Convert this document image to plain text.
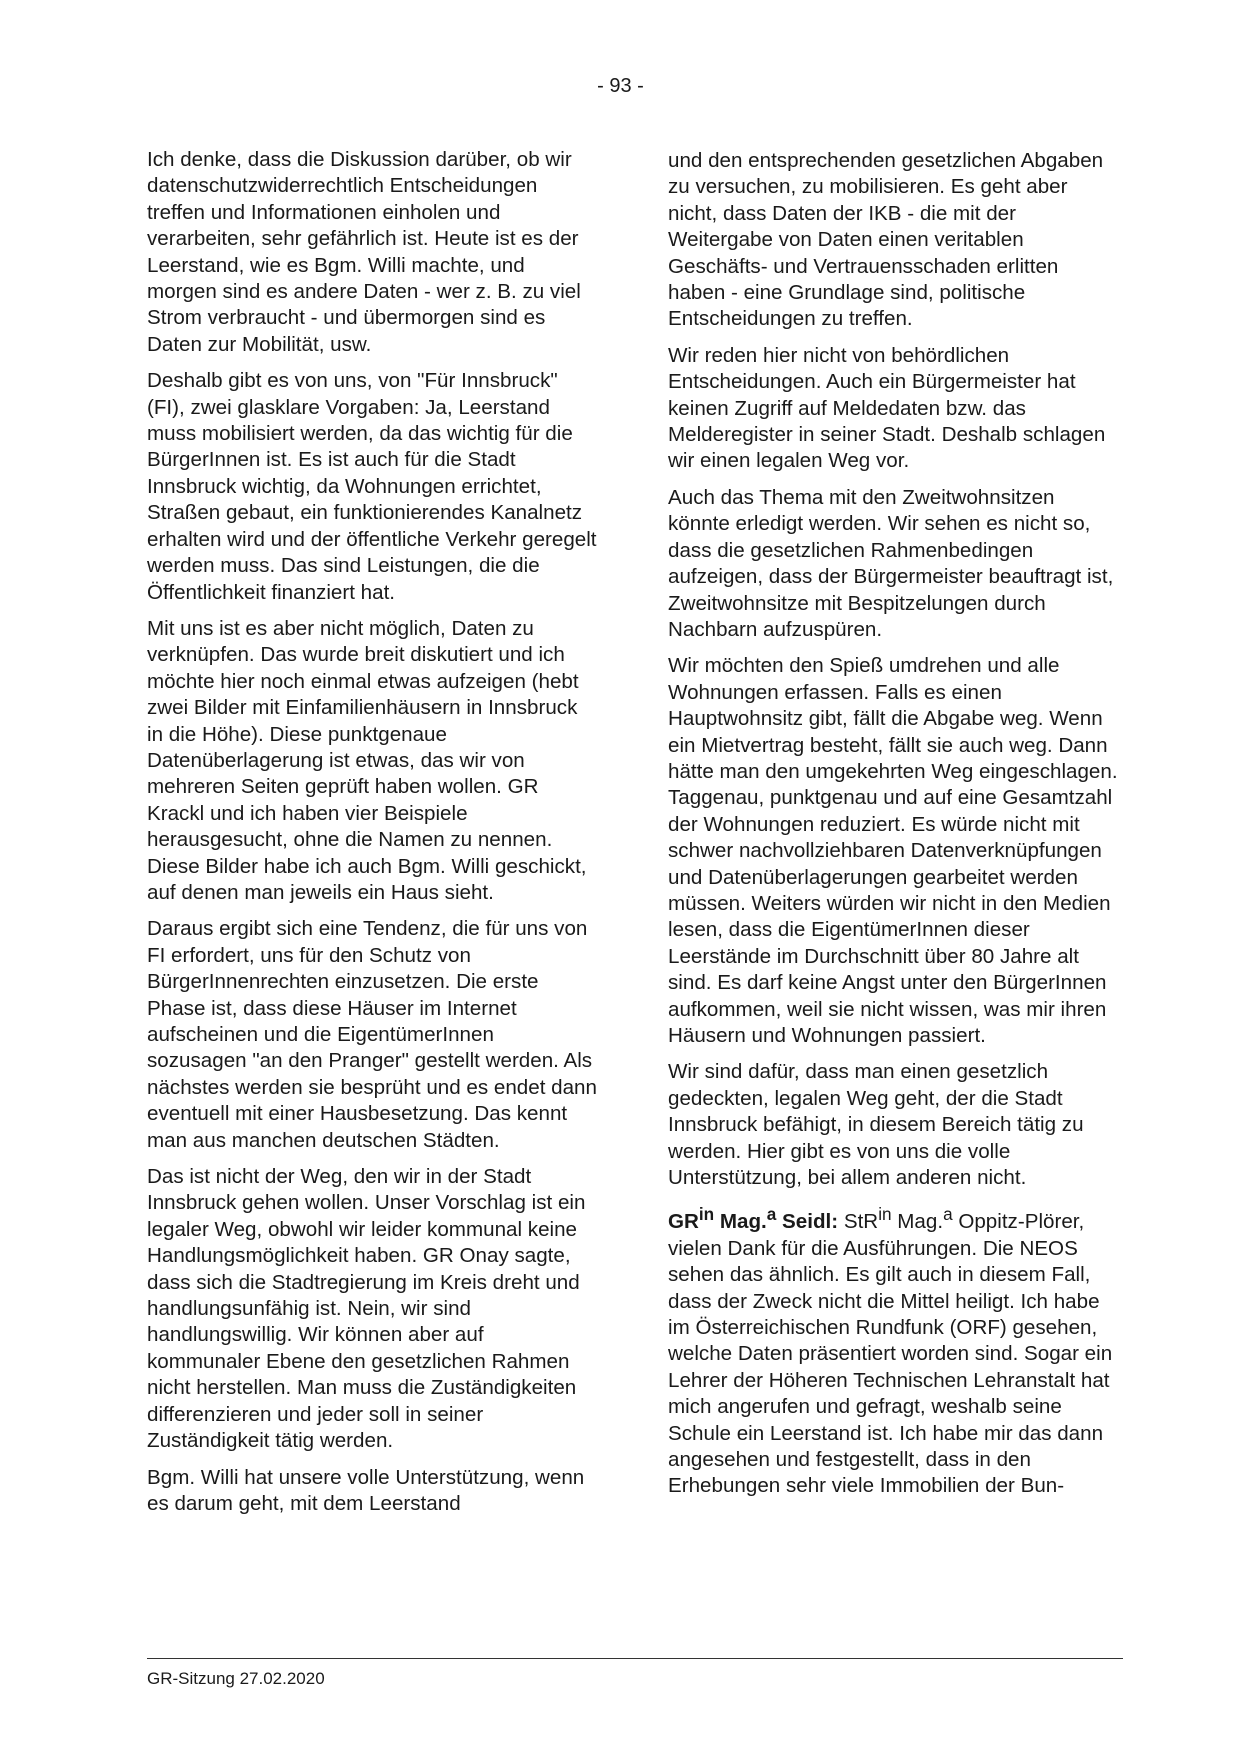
- 93 -

Ich denke, dass die Diskussion darüber, ob wir datenschutzwiderrechtlich Entscheidungen treffen und Informationen einholen und verarbeiten, sehr gefährlich ist. Heute ist es der Leerstand, wie es Bgm. Willi machte, und morgen sind es andere Daten - wer z. B. zu viel Strom verbraucht - und übermorgen sind es Daten zur Mobilität, usw.

Deshalb gibt es von uns, von "Für Innsbruck" (FI), zwei glasklare Vorgaben: Ja, Leerstand muss mobilisiert werden, da das wichtig für die BürgerInnen ist. Es ist auch für die Stadt Innsbruck wichtig, da Wohnungen errichtet, Straßen gebaut, ein funktionierendes Kanalnetz erhalten wird und der öffentliche Verkehr geregelt werden muss. Das sind Leistungen, die die Öffentlichkeit finanziert hat.

Mit uns ist es aber nicht möglich, Daten zu verknüpfen. Das wurde breit diskutiert und ich möchte hier noch einmal etwas aufzeigen (hebt zwei Bilder mit Einfamilienhäusern in Innsbruck in die Höhe). Diese punktgenaue Datenüberlagerung ist etwas, das wir von mehreren Seiten geprüft haben wollen. GR Krackl und ich haben vier Beispiele herausgesucht, ohne die Namen zu nennen. Diese Bilder habe ich auch Bgm. Willi geschickt, auf denen man jeweils ein Haus sieht.

Daraus ergibt sich eine Tendenz, die für uns von FI erfordert, uns für den Schutz von BürgerInnenrechten einzusetzen. Die erste Phase ist, dass diese Häuser im Internet aufscheinen und die EigentümerInnen sozusagen "an den Pranger" gestellt werden. Als nächstes werden sie besprüht und es endet dann eventuell mit einer Hausbesetzung. Das kennt man aus manchen deutschen Städten.

Das ist nicht der Weg, den wir in der Stadt Innsbruck gehen wollen. Unser Vorschlag ist ein legaler Weg, obwohl wir leider kommunal keine Handlungsmöglichkeit haben. GR Onay sagte, dass sich die Stadtregierung im Kreis dreht und handlungsunfähig ist. Nein, wir sind handlungswillig. Wir können aber auf kommunaler Ebene den gesetzlichen Rahmen nicht herstellen. Man muss die Zuständigkeiten differenzieren und jeder soll in seiner Zuständigkeit tätig werden.

Bgm. Willi hat unsere volle Unterstützung, wenn es darum geht, mit dem Leerstand

und den entsprechenden gesetzlichen Abgaben zu versuchen, zu mobilisieren. Es geht aber nicht, dass Daten der IKB - die mit der Weitergabe von Daten einen veritablen Geschäfts- und Vertrauensschaden erlitten haben - eine Grundlage sind, politische Entscheidungen zu treffen.

Wir reden hier nicht von behördlichen Entscheidungen. Auch ein Bürgermeister hat keinen Zugriff auf Meldedaten bzw. das Melderegister in seiner Stadt. Deshalb schlagen wir einen legalen Weg vor.

Auch das Thema mit den Zweitwohnsitzen könnte erledigt werden. Wir sehen es nicht so, dass die gesetzlichen Rahmenbedingen aufzeigen, dass der Bürgermeister beauftragt ist, Zweitwohnsitze mit Bespitzelungen durch Nachbarn aufzuspüren.

Wir möchten den Spieß umdrehen und alle Wohnungen erfassen. Falls es einen Hauptwohnsitz gibt, fällt die Abgabe weg. Wenn ein Mietvertrag besteht, fällt sie auch weg. Dann hätte man den umgekehrten Weg eingeschlagen. Taggenau, punktgenau und auf eine Gesamtzahl der Wohnungen reduziert. Es würde nicht mit schwer nachvollziehbaren Datenverknüpfungen und Datenüberlagerungen gearbeitet werden müssen. Weiters würden wir nicht in den Medien lesen, dass die EigentümerInnen dieser Leerstände im Durchschnitt über 80 Jahre alt sind. Es darf keine Angst unter den BürgerInnen aufkommen, weil sie nicht wissen, was mir ihren Häusern und Wohnungen passiert.

Wir sind dafür, dass man einen gesetzlich gedeckten, legalen Weg geht, der die Stadt Innsbruck befähigt, in diesem Bereich tätig zu werden. Hier gibt es von uns die volle Unterstützung, bei allem anderen nicht.

$GR^{in}$ Mag.$^a$ Seidl: StR$^{in}$ Mag.$^a$ Oppitz-Plörer, vielen Dank für die Ausführungen. Die NEOS sehen das ähnlich. Es gilt auch in diesem Fall, dass der Zweck nicht die Mittel heiligt. Ich habe im Österreichischen Rundfunk (ORF) gesehen, welche Daten präsentiert worden sind. Sogar ein Lehrer der Höheren Technischen Lehranstalt hat mich angerufen und gefragt, weshalb seine Schule ein Leerstand ist. Ich habe mir das dann angesehen und festgestellt, dass in den Erhebungen sehr viele Immobilien der Bun-

GR-Sitzung 27.02.2020
